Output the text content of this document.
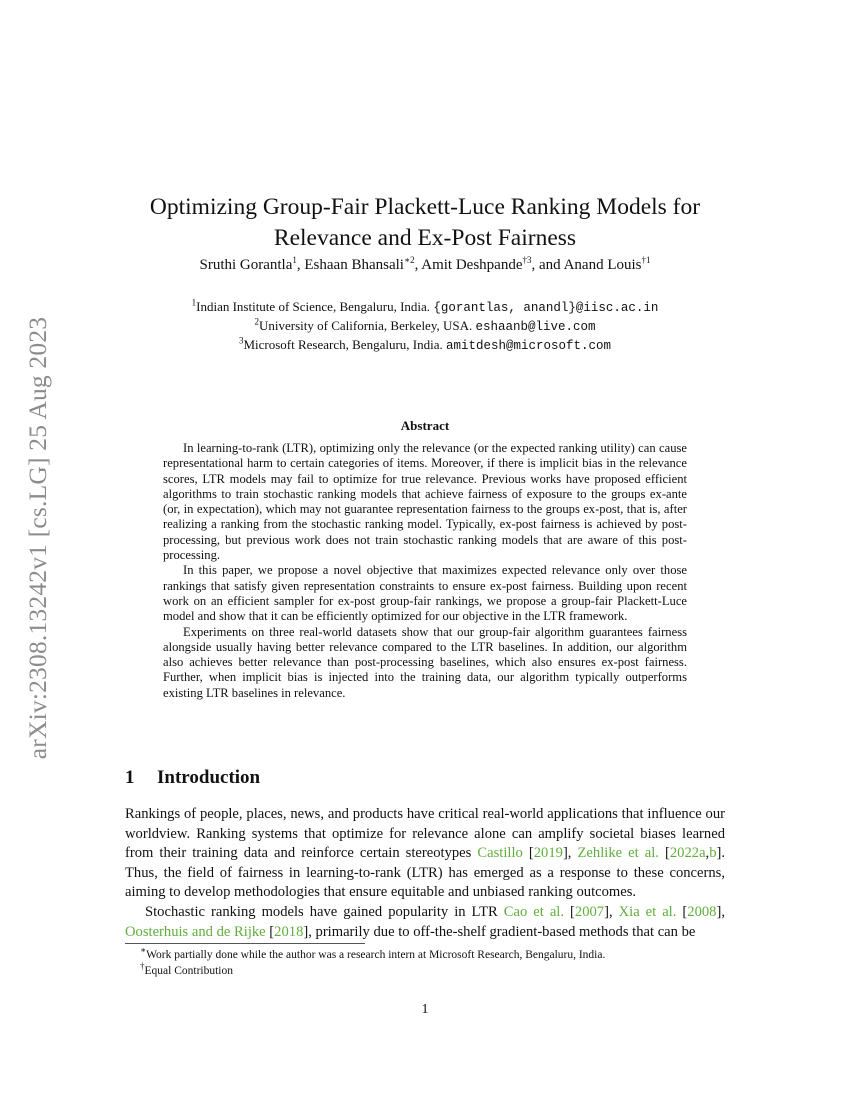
arXiv:2308.13242v1 [cs.LG] 25 Aug 2023
Optimizing Group-Fair Plackett-Luce Ranking Models for
Relevance and Ex-Post Fairness
Sruthi Gorantla$^1$, Eshaan Bhansali$^{∗2}$, Amit Deshpande$^{\dagger 3}$, and Anand Louis$^{\dagger 1}$
$^1$Indian Institute of Science, Bengaluru, India. {gorantlas, anandl}@iisc.ac.in
$^2$University of California, Berkeley, USA. eshaanb@live.com
$^3$Microsoft Research, Bengaluru, India. amitdesh@microsoft.com
Abstract

In learning-to-rank (LTR), optimizing only the relevance (or the expected ranking utility) can cause representational harm to certain categories of items. Moreover, if there is implicit bias in the relevance scores, LTR models may fail to optimize for true relevance. Previous works have proposed efficient algorithms to train stochastic ranking models that achieve fairness of exposure to the groups ex-ante (or, in expectation), which may not guarantee representation fairness to the groups ex-post, that is, after realizing a ranking from the stochastic ranking model. Typically, ex-post fairness is achieved by post-processing, but previous work does not train stochastic ranking models that are aware of this post-processing.

In this paper, we propose a novel objective that maximizes expected relevance only over those rankings that satisfy given representation constraints to ensure ex-post fairness. Building upon recent work on an efficient sampler for ex-post group-fair rankings, we propose a group-fair Plackett-Luce model and show that it can be efficiently optimized for our objective in the LTR framework.

Experiments on three real-world datasets show that our group-fair algorithm guarantees fairness alongside usually having better relevance compared to the LTR baselines. In addition, our algorithm also achieves better relevance than post-processing baselines, which also ensures ex-post fairness. Further, when implicit bias is injected into the training data, our algorithm typically outperforms existing LTR baselines in relevance.

1 Introduction

Rankings of people, places, news, and products have critical real-world applications that influence our worldview. Ranking systems that optimize for relevance alone can amplify societal biases learned from their training data and reinforce certain stereotypes Castillo [2019], Zehlike et al. [2022a,b]. Thus, the field of fairness in learning-to-rank (LTR) has emerged as a response to these concerns, aiming to develop methodologies that ensure equitable and unbiased ranking outcomes.

Stochastic ranking models have gained popularity in LTR Cao et al. [2007], Xia et al. [2008], Oosterhuis and de Rijke [2018], primarily due to off-the-shelf gradient-based methods that can be

∗Work partially done while the author was a research intern at Microsoft Research, Bengaluru, India.
†Equal Contribution
1
